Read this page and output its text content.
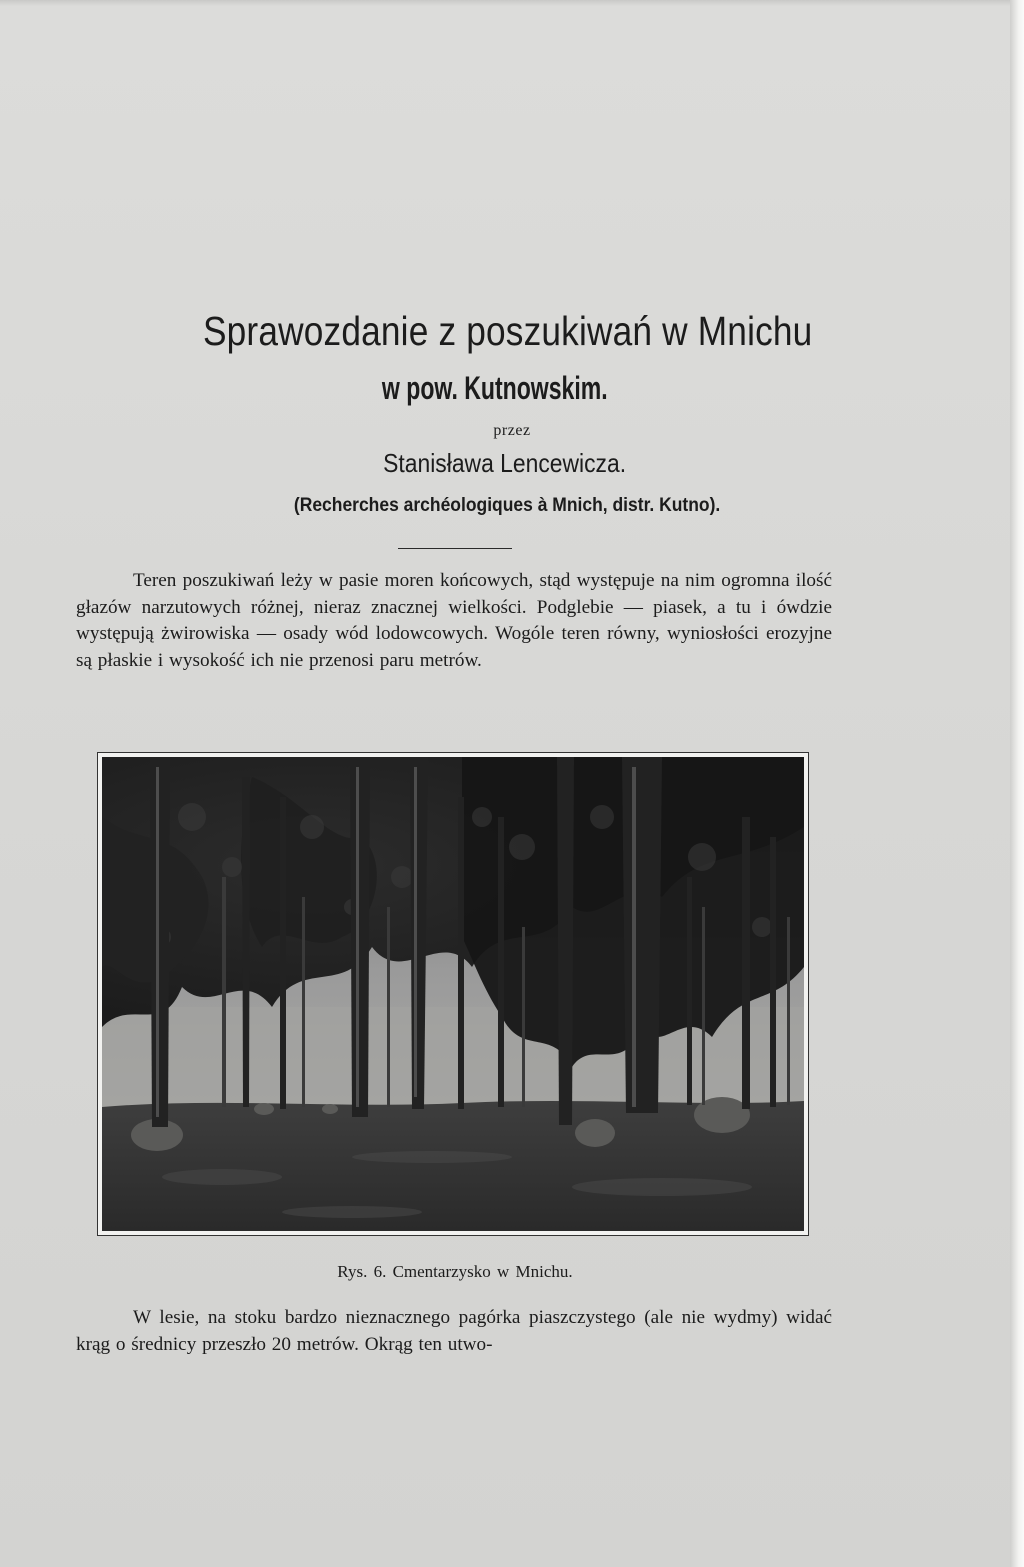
Sprawozdanie z poszukiwań w Mnichu
w pow. Kutnowskim.
przez
Stanisława Lencewicza.
(Recherches archéologiques à Mnich, distr. Kutno).

Teren poszukiwań leży w pasie moren końcowych, stąd występuje na nim ogromna ilość głazów narzutowych różnej, nieraz znacznej wielkości. Podglebie — piasek, a tu i ówdzie występują żwirowiska — osady wód lodowcowych. Wogóle teren równy, wyniosłości erozyjne są płaskie i wysokość ich nie przenosi paru metrów.

Rys. 6. Cmentarzysko w Mnichu.

W lesie, na stoku bardzo nieznacznego pagórka piaszczystego (ale nie wydmy) widać krąg o średnicy przeszło 20 metrów. Okrąg ten utwo-
